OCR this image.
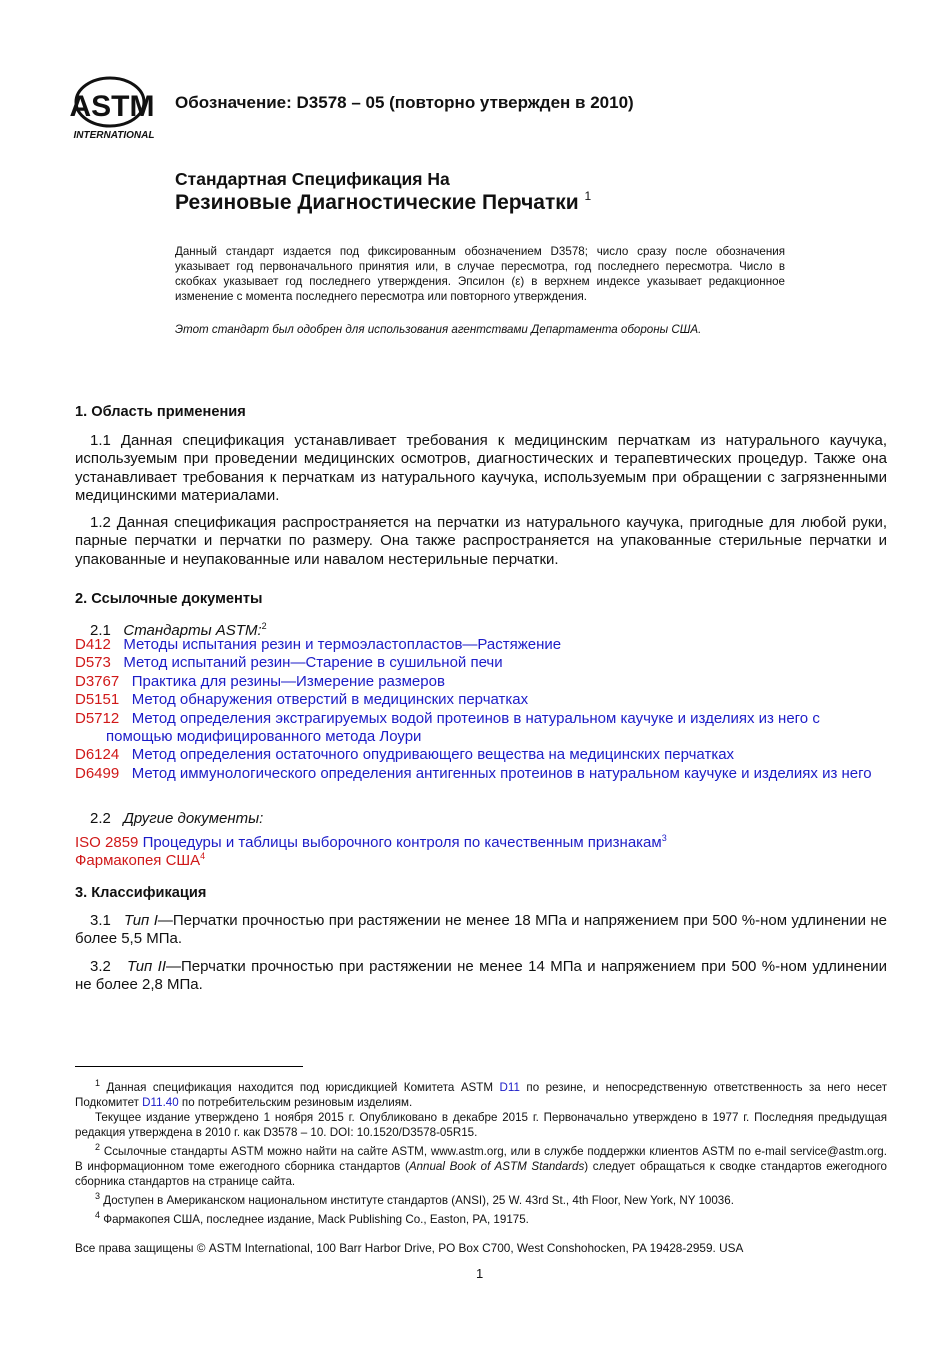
ASTM
INTERNATIONAL
Обозначение: D3578 – 05 (повторно утвержден в 2010)
Стандартная Спецификация На
Резиновые Диагностические Перчатки $^1$
Данный стандарт издается под фиксированным обозначением D3578; число сразу после обозначения указывает год первоначального принятия или, в случае пересмотра, год последнего пересмотра. Число в скобках указывает год последнего утверждения. Эпсилон (ε) в верхнем индексе указывает редакционное изменение с момента последнего пересмотра или повторного утверждения.
Этот стандарт был одобрен для использования агентствами Департамента обороны США.
1. Область применения
1.1 Данная спецификация устанавливает требования к медицинским перчаткам из натурального каучука, используемым при проведении медицинских осмотров, диагностических и терапевтических процедур. Также она устанавливает требования к перчаткам из натурального каучука, используемым при обращении с загрязненными медицинскими материалами.
1.2 Данная спецификация распространяется на перчатки из натурального каучука, пригодные для любой руки, парные перчатки и перчатки по размеру. Она также распространяется на упакованные стерильные перчатки и упакованные и неупакованные или навалом нестерильные перчатки.
2. Ссылочные документы
2.1 Стандарты ASTM:$^2$
D412 Методы испытания резин и термоэластопластов—Растяжение
D573 Метод испытаний резин—Старение в сушильной печи
D3767 Практика для резины—Измерение размеров
D5151 Метод обнаружения отверстий в медицинских перчатках
D5712 Метод определения экстрагируемых водой протеинов в натуральном каучуке и изделиях из него с помощью модифицированного метода Лоури
D6124 Метод определения остаточного опудривающего вещества на медицинских перчатках
D6499 Метод иммунологического определения антигенных протеинов в натуральном каучуке и изделиях из него
2.2 Другие документы:
ISO 2859 Процедуры и таблицы выборочного контроля по качественным признакам$^3$
Фармакопея США$^4$
3. Классификация
3.1 Тип I—Перчатки прочностью при растяжении не менее 18 МПа и напряжением при 500 %-ном удлинении не более 5,5 МПа.
3.2 Тип II—Перчатки прочностью при растяжении не менее 14 МПа и напряжением при 500 %-ном удлинении не более 2,8 МПа.
$^1$ Данная спецификация находится под юрисдикцией Комитета ASTM D11 по резине, и непосредственную ответственность за него несет Подкомитет D11.40 по потребительским резиновым изделиям.
Текущее издание утверждено 1 ноября 2015 г. Опубликовано в декабре 2015 г. Первоначально утверждено в 1977 г. Последняя предыдущая редакция утверждена в 2010 г. как D3578 – 10. DOI: 10.1520/D3578-05R15.
$^2$ Ссылочные стандарты ASTM можно найти на сайте ASTM, www.astm.org, или в службе поддержки клиентов ASTM по e-mail service@astm.org. В информационном томе ежегодного сборника стандартов (Annual Book of ASTM Standards) следует обращаться к сводке стандартов ежегодного сборника стандартов на странице сайта.
$^3$ Доступен в Американском национальном институте стандартов (ANSI), 25 W. 43rd St., 4th Floor, New York, NY 10036.
$^4$ Фармакопея США, последнее издание, Mack Publishing Co., Easton, PA, 19175.
Все права защищены © ASTM International, 100 Barr Harbor Drive, PO Box C700, West Conshohocken, PA 19428-2959. USA
1
